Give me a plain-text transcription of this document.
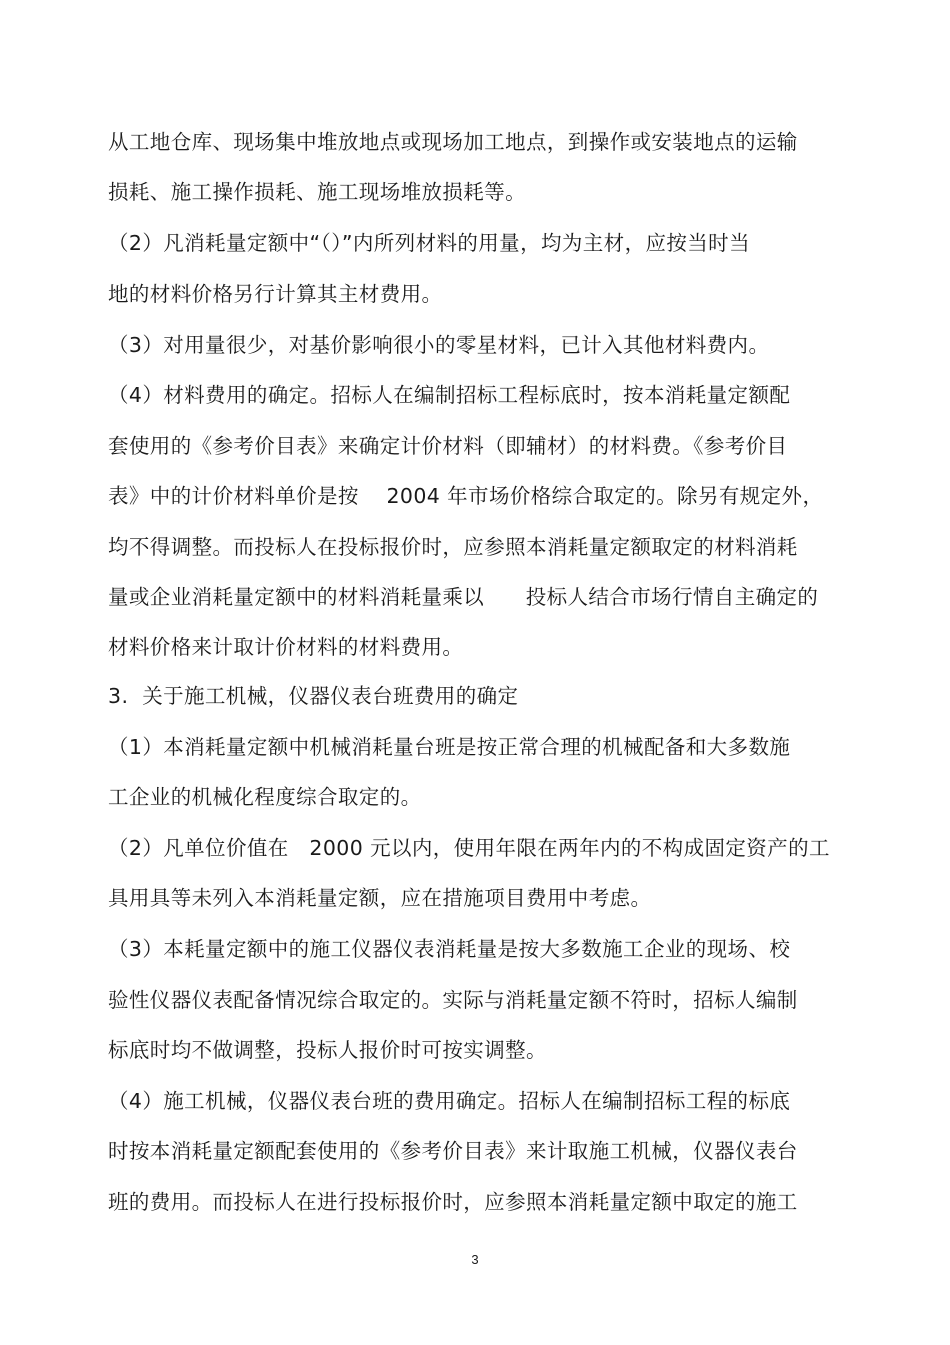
从工地仓库、现场集中堆放地点或现场加工地点，到操作或安装地点的运输
损耗、施工操作损耗、施工现场堆放损耗等。
（2）凡消耗量定额中“（）”内所列材料的用量，均为主材，应按当时当
地的材料价格另行计算其主材费用。
（3）对用量很少，对基价影响很小的零星材料，已计入其他材料费内。
（4）材料费用的确定。招标人在编制招标工程标底时，按本消耗量定额配
套使用的《参考价目表》来确定计价材料（即辅材）的材料费。《参考价目
表》中的计价材料单价是按    2004 年市场价格综合取定的。除另有规定外，
均不得调整。而投标人在投标报价时，应参照本消耗量定额取定的材料消耗
量或企业消耗量定额中的材料消耗量乘以      投标人结合市场行情自主确定的
材料价格来计取计价材料的材料费用。
3.  关于施工机械，仪器仪表台班费用的确定
（1）本消耗量定额中机械消耗量台班是按正常合理的机械配备和大多数施
工企业的机械化程度综合取定的。
（2）凡单位价值在   2000 元以内，使用年限在两年内的不构成固定资产的工
具用具等未列入本消耗量定额，应在措施项目费用中考虑。
（3）本耗量定额中的施工仪器仪表消耗量是按大多数施工企业的现场、校
验性仪器仪表配备情况综合取定的。实际与消耗量定额不符时，招标人编制
标底时均不做调整，投标人报价时可按实调整。
（4）施工机械，仪器仪表台班的费用确定。招标人在编制招标工程的标底
时按本消耗量定额配套使用的《参考价目表》来计取施工机械，仪器仪表台
班的费用。而投标人在进行投标报价时，应参照本消耗量定额中取定的施工
3
